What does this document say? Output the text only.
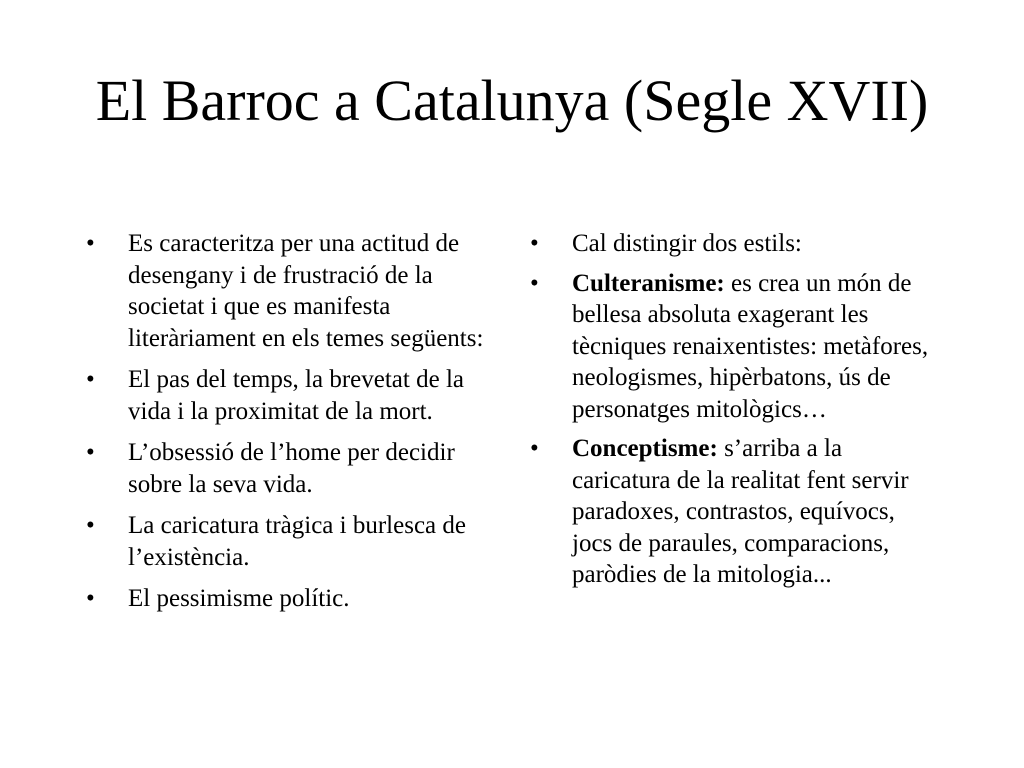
El Barroc a Catalunya (Segle XVII)
• Es caracteritza per una actitud de desengany i de frustració de la societat i que es manifesta literàriament en els temes següents:
• El pas del temps, la brevetat de la vida i la proximitat de la mort.
• L’obsessió de l’home per decidir sobre la seva vida.
• La caricatura tràgica i burlesca de l’existència.
• El pessimisme polític.
• Cal distingir dos estils:
• Culteranisme: es crea un món de bellesa absoluta exagerant les tècniques renaixentistes: metàfores, neologismes, hipèrbatons, ús de personatges mitològics…
• Conceptisme: s’arriba a la caricatura de la realitat fent servir paradoxes, contrastos, equívocs, jocs de paraules, comparacions, paròdies de la mitologia...
